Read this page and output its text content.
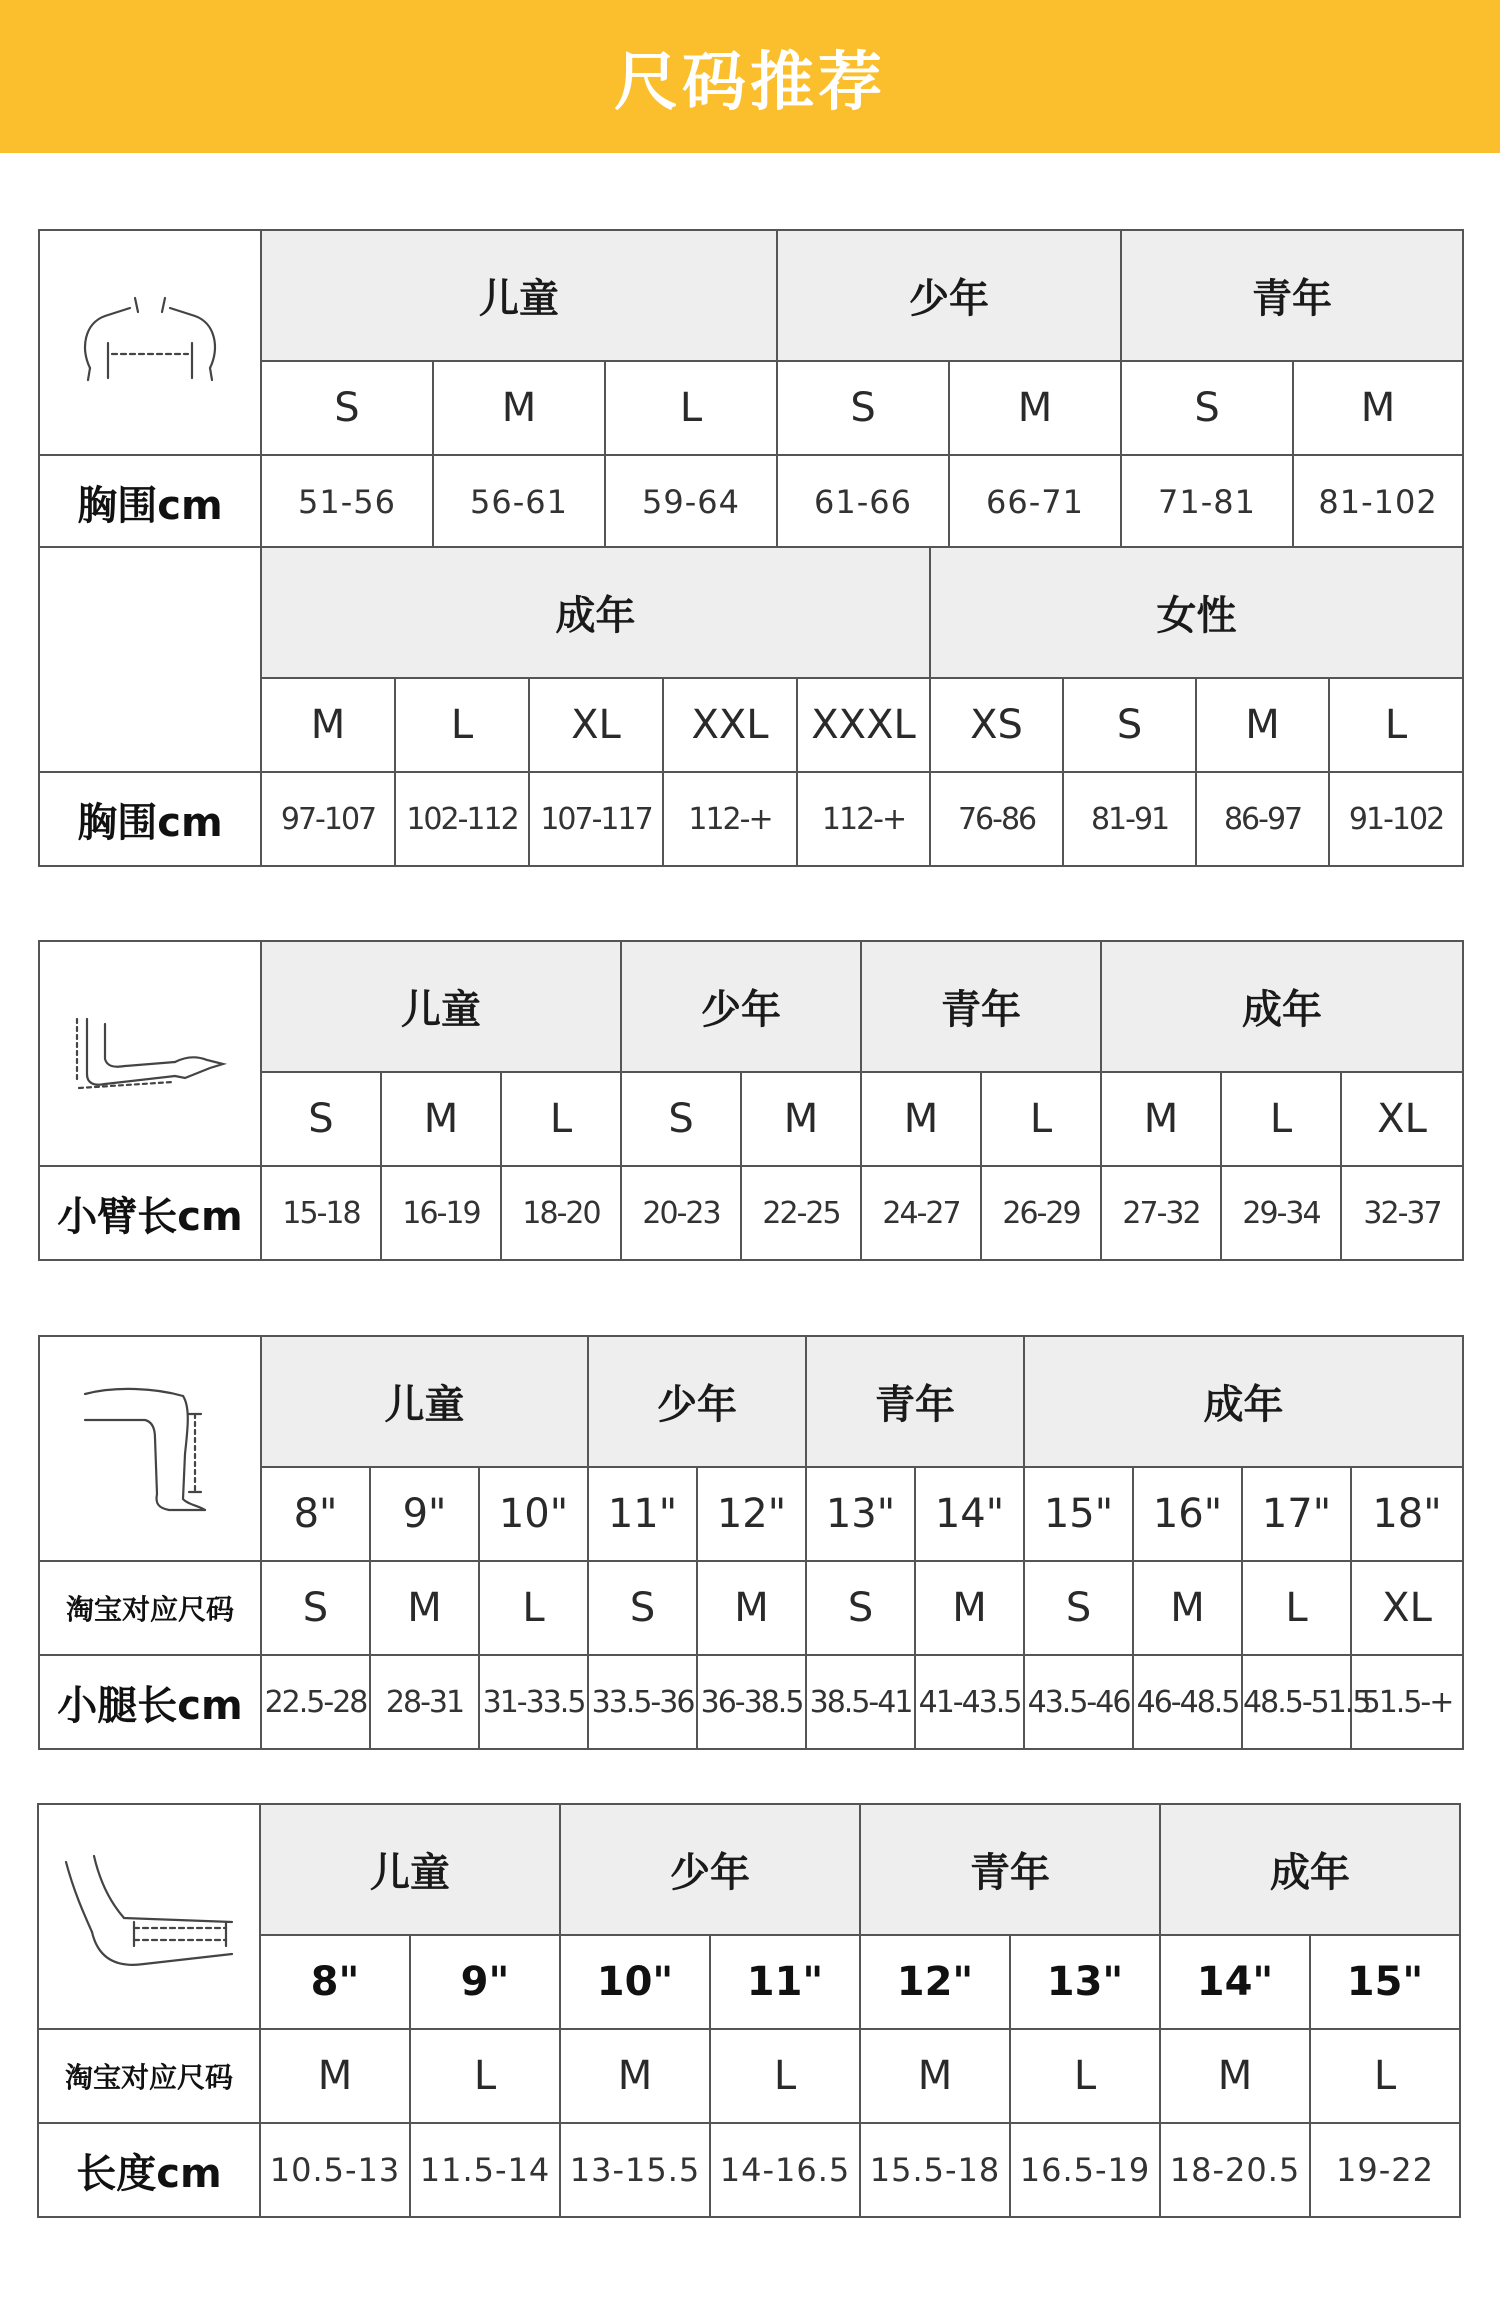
尺码推荐
	儿童			少年		青年	
	S	M	L	S	M	S	M
胸围cm	51-56	56-61	59-64	61-66	66-71	71-81	81-102
	成年					女性			
	M	L	XL	XXL	XXXL	XS	S	M	L
胸围cm	97-107	102-112	107-117	112-+	112-+	76-86	81-91	86-97	91-102
	儿童			少年		青年		成年		
	S	M	L	S	M	M	L	M	L	XL
小臂长cm	15-18	16-19	18-20	20-23	22-25	24-27	26-29	27-32	29-34	32-37
	儿童			少年		青年		成年			
	8"	9"	10"	11"	12"	13"	14"	15"	16"	17"	18"
淘宝对应尺码	S	M	L	S	M	S	M	S	M	L	XL
小腿长cm	22.5-28	28-31	31-33.5	33.5-36	36-38.5	38.5-41	41-43.5	43.5-46	46-48.5	48.5-51.5	51.5-+
	儿童		少年		青年		成年	
	8"	9"	10"	11"	12"	13"	14"	15"
淘宝对应尺码	M	L	M	L	M	L	M	L
长度cm	10.5-13	11.5-14	13-15.5	14-16.5	15.5-18	16.5-19	18-20.5	19-22
